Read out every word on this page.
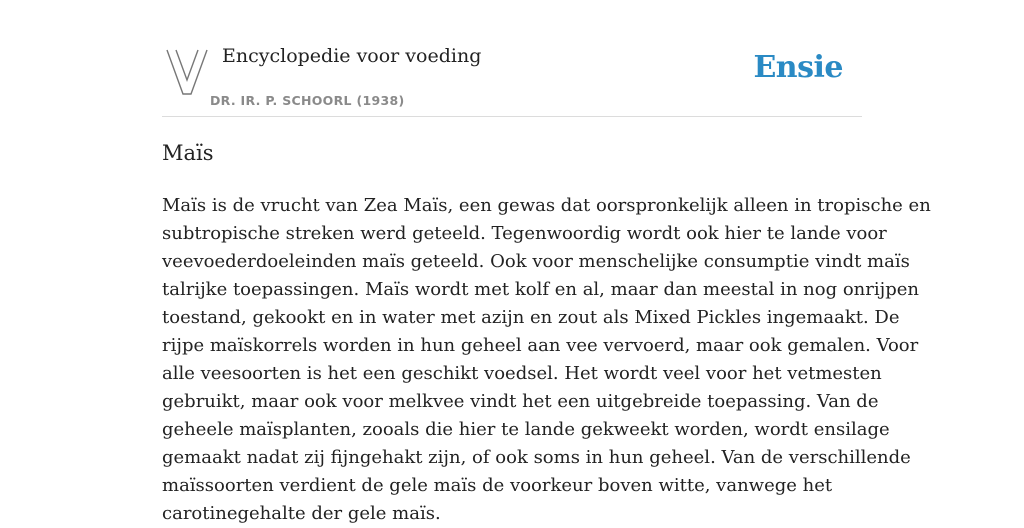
Encyclopedie voor voeding
DR. IR. P. SCHOORL (1938)
Ensie
Maïs
Maïs is de vrucht van Zea Maïs, een gewas dat oorspronkelijk alleen in tropische en
subtropische streken werd geteeld. Tegenwoordig wordt ook hier te lande voor
veevoederdoeleinden maïs geteeld. Ook voor menschelijke consumptie vindt maïs
talrijke toepassingen. Maïs wordt met kolf en al, maar dan meestal in nog onrijpen
toestand, gekookt en in water met azijn en zout als Mixed Pickles ingemaakt. De
rijpe maïskorrels worden in hun geheel aan vee vervoerd, maar ook gemalen. Voor
alle veesoorten is het een geschikt voedsel. Het wordt veel voor het vetmesten
gebruikt, maar ook voor melkvee vindt het een uitgebreide toepassing. Van de
geheele maïsplanten, zooals die hier te lande gekweekt worden, wordt ensilage
gemaakt nadat zij fijngehakt zijn, of ook soms in hun geheel. Van de verschillende
maïssoorten verdient de gele maïs de voorkeur boven witte, vanwege het
carotinegehalte der gele maïs.
